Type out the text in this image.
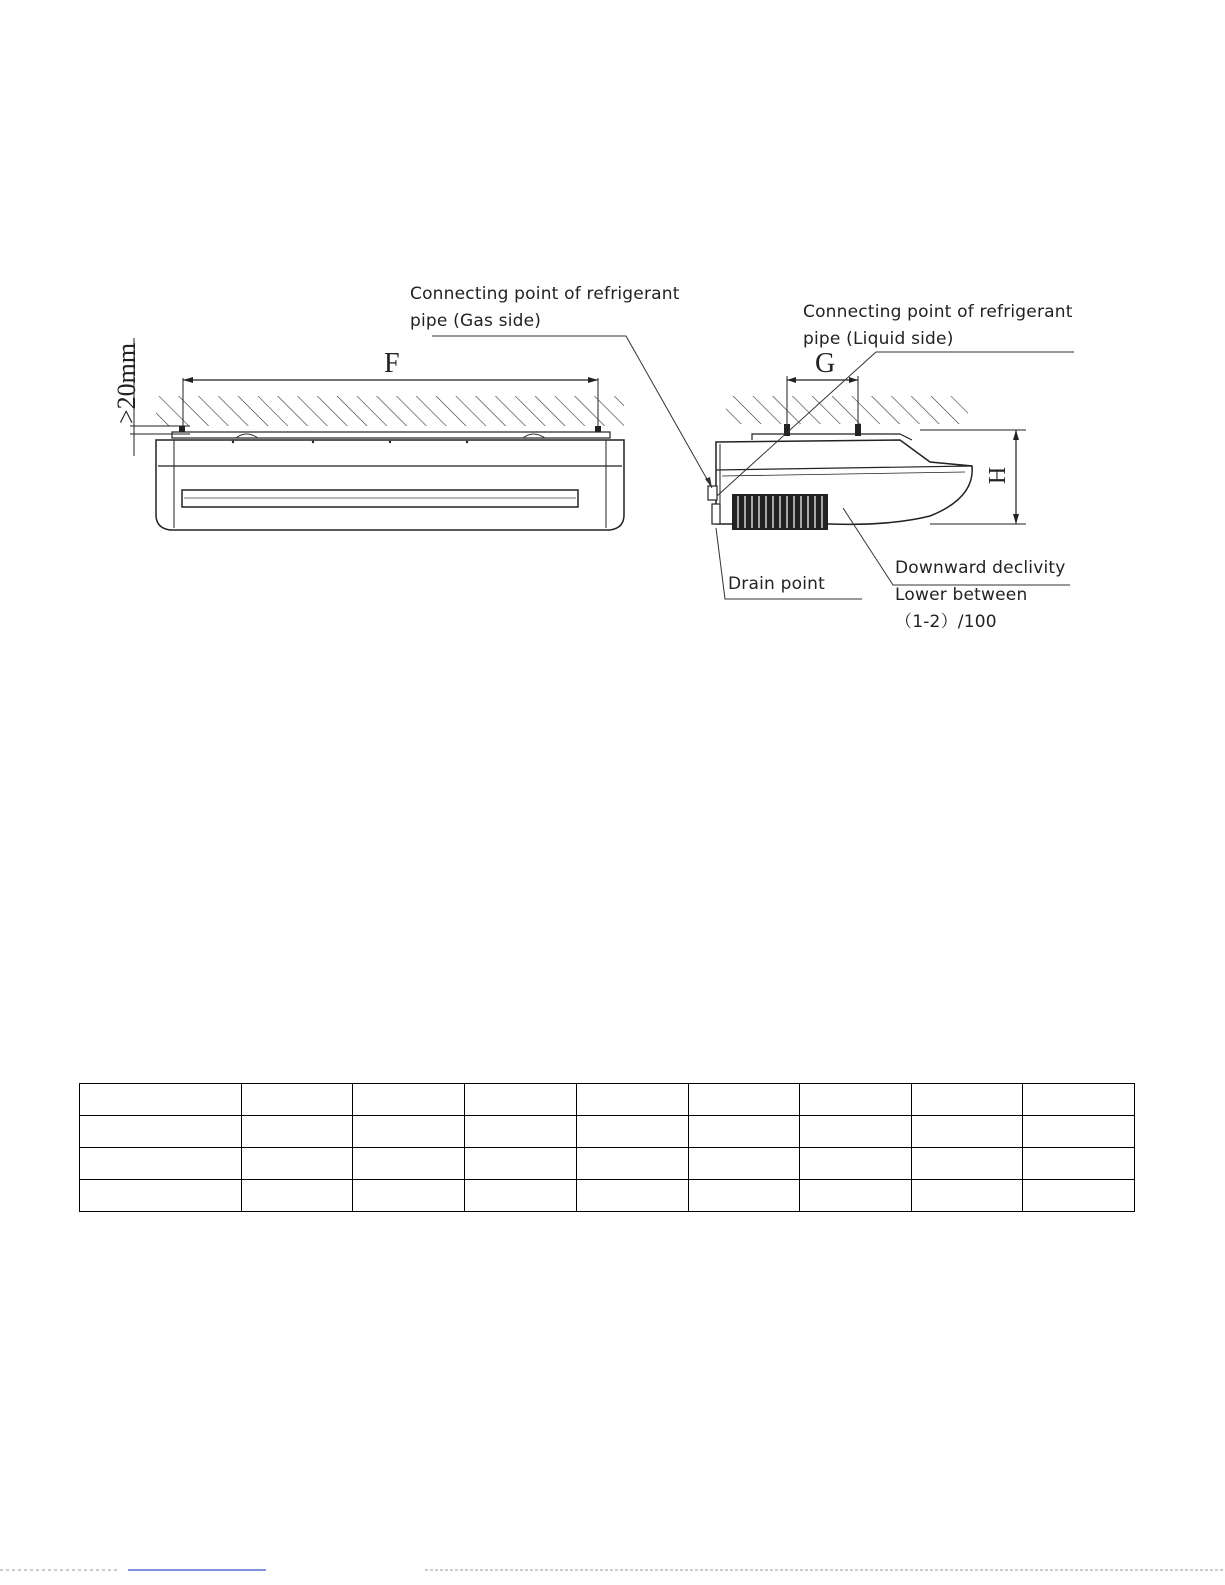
Connecting point of refrigerant
pipe (Gas side)	Connecting point of refrigerant
pipe (Liquid side)
Drain point
Downward declivity
Lower between
（1-2）/100
F	G
H
>20mm
